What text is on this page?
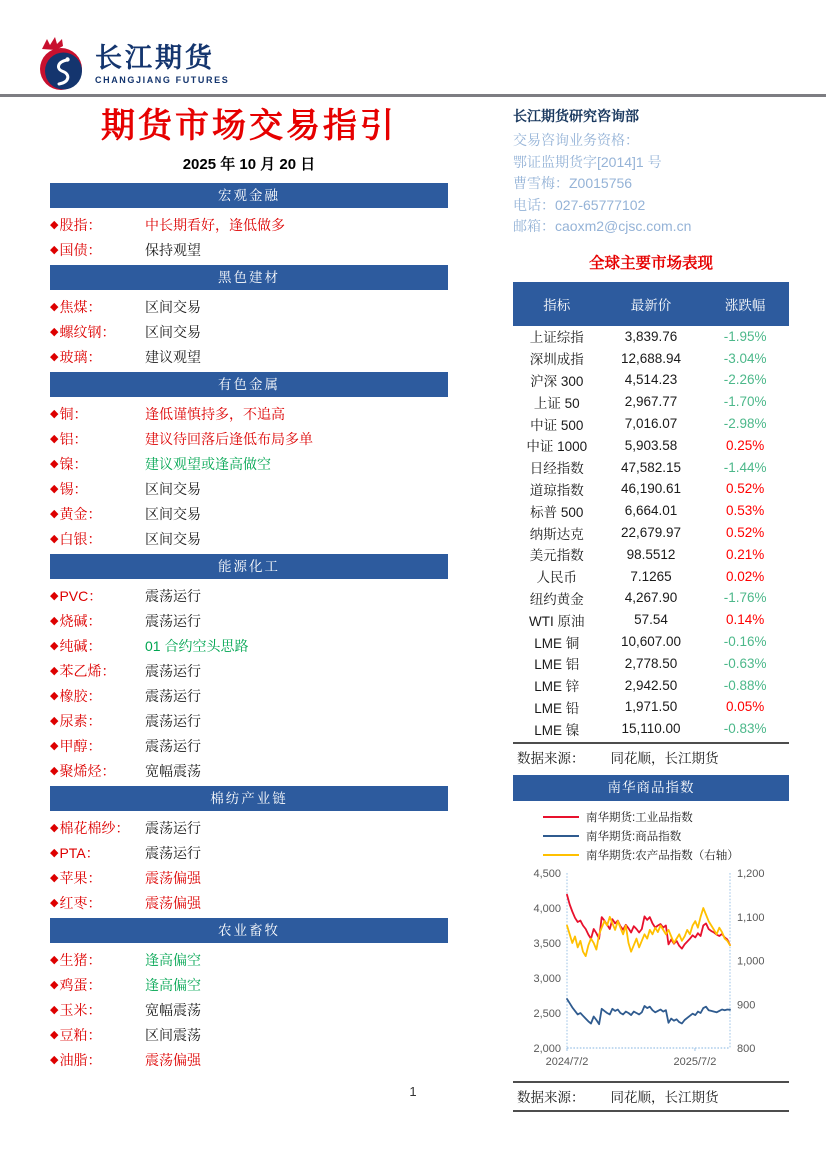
长江期货
CHANGJIANG FUTURES
期货市场交易指引
2025 年 10 月 20 日
宏观金融
◆ 股指：	中长期看好，逢低做多
◆ 国债：	保持观望
黑色建材
◆ 焦煤：	区间交易
◆ 螺纹钢： 区间交易
◆ 玻璃：	建议观望
有色金属
◆ 铜：	逢低谨慎持多，不追高
◆ 铝：	建议待回落后逢低布局多单
◆ 镍：	建议观望或逢高做空
◆ 锡：	区间交易
◆ 黄金：	区间交易
◆ 白银：	区间交易
能源化工
◆ PVC：	震荡运行
◆ 烧碱：	震荡运行
◆ 纯碱：	01 合约空头思路
◆ 苯乙烯： 震荡运行
◆ 橡胶：	震荡运行
◆ 尿素：	震荡运行
◆ 甲醇：	震荡运行
◆ 聚烯烃： 宽幅震荡
棉纺产业链
◆ 棉花棉纱： 震荡运行
◆ PTA：	震荡运行
◆ 苹果：	震荡偏强
◆ 红枣：	震荡偏强
农业畜牧
◆ 生猪：	逢高偏空
◆ 鸡蛋：	逢高偏空
◆ 玉米：	宽幅震荡
◆ 豆粕：	区间震荡
◆ 油脂：	震荡偏强
长江期货研究咨询部
交易咨询业务资格：
鄂证监期货字[2014]1 号
曹雪梅：Z0015756
电话：027-65777102
邮箱：caoxm2@cjsc.com.cn
全球主要市场表现
指标	最新价	涨跌幅
上证综指	3,839.76	-1.95%
深圳成指	12,688.94	-3.04%
沪深 300	4,514.23	-2.26%
上证 50	2,967.77	-1.70%
中证 500	7,016.07	-2.98%
中证 1000	5,903.58	0.25%
日经指数	47,582.15	-1.44%
道琼指数	46,190.61	0.52%
标普 500	6,664.01	0.53%
纳斯达克	22,679.97	0.52%
美元指数	98.5512	0.21%
人民币	7.1265	0.02%
纽约黄金	4,267.90	-1.76%
WTI 原油	57.54	0.14%
LME 铜	10,607.00	-0.16%
LME 铝	2,778.50	-0.63%
LME 锌	2,942.50	-0.88%
LME 铅	1,971.50	0.05%
LME 镍	15,110.00	-0.83%
数据来源： 同花顺，长江期货
南华商品指数
南华期货:工业品指数
南华期货:商品指数
南华期货:农产品指数（右轴）
2,000
2,500
3,000
3,500
4,000
4,500
800
900
1,000
1,100
1,200
2024/7/2	2025/7/2
数据来源： 同花顺，长江期货
1
